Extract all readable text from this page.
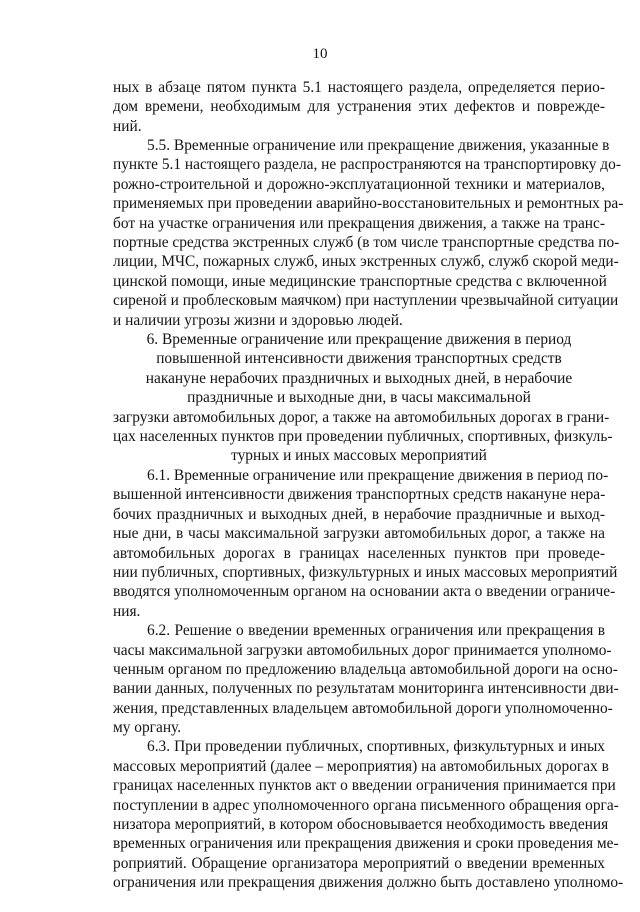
10
ных в абзаце пятом пункта 5.1 настоящего раздела, определяется перио-
дом времени, необходимым для устранения этих дефектов и поврежде-
ний.
5.5. Временные ограничение или прекращение движения, указанные в
пункте 5.1 настоящего раздела, не распространяются на транспортировку до-
рожно-строительной и дорожно-эксплуатационной техники и материалов,
применяемых при проведении аварийно-восстановительных и ремонтных ра-
бот на участке ограничения или прекращения движения, а также на транс-
портные средства экстренных служб (в том числе транспортные средства по-
лиции, МЧС, пожарных служб, иных экстренных служб, служб скорой меди-
цинской помощи, иные медицинские транспортные средства с включенной
сиреной и проблесковым маячком) при наступлении чрезвычайной ситуации
и наличии угрозы жизни и здоровью людей.
6. Временные ограничение или прекращение движения в период
повышенной интенсивности движения транспортных средств
накануне нерабочих праздничных и выходных дней, в нерабочие
праздничные и выходные дни, в часы максимальной
загрузки автомобильных дорог, а также на автомобильных дорогах в грани-
цах населенных пунктов при проведении публичных, спортивных, физкуль-
турных и иных массовых мероприятий
6.1. Временные ограничение или прекращение движения в период по-
вышенной интенсивности движения транспортных средств накануне нера-
бочих праздничных и выходных дней, в нерабочие праздничные и выход-
ные дни, в часы максимальной загрузки автомобильных дорог, а также на
автомобильных дорогах в границах населенных пунктов при проведе-
нии публичных, спортивных, физкультурных и иных массовых мероприятий
вводятся уполномоченным органом на основании акта о введении ограниче-
ния.
6.2. Решение о введении временных ограничения или прекращения в
часы максимальной загрузки автомобильных дорог принимается уполномо-
ченным органом по предложению владельца автомобильной дороги на осно-
вании данных, полученных по результатам мониторинга интенсивности дви-
жения, представленных владельцем автомобильной дороги уполномоченно-
му органу.
6.3. При проведении публичных, спортивных, физкультурных и иных
массовых мероприятий (далее – мероприятия) на автомобильных дорогах в
границах населенных пунктов акт о введении ограничения принимается при
поступлении в адрес уполномоченного органа письменного обращения орга-
низатора мероприятий, в котором обосновывается необходимость введения
временных ограничения или прекращения движения и сроки проведения ме-
роприятий. Обращение организатора мероприятий о введении временных
ограничения или прекращения движения должно быть доставлено уполномо-
